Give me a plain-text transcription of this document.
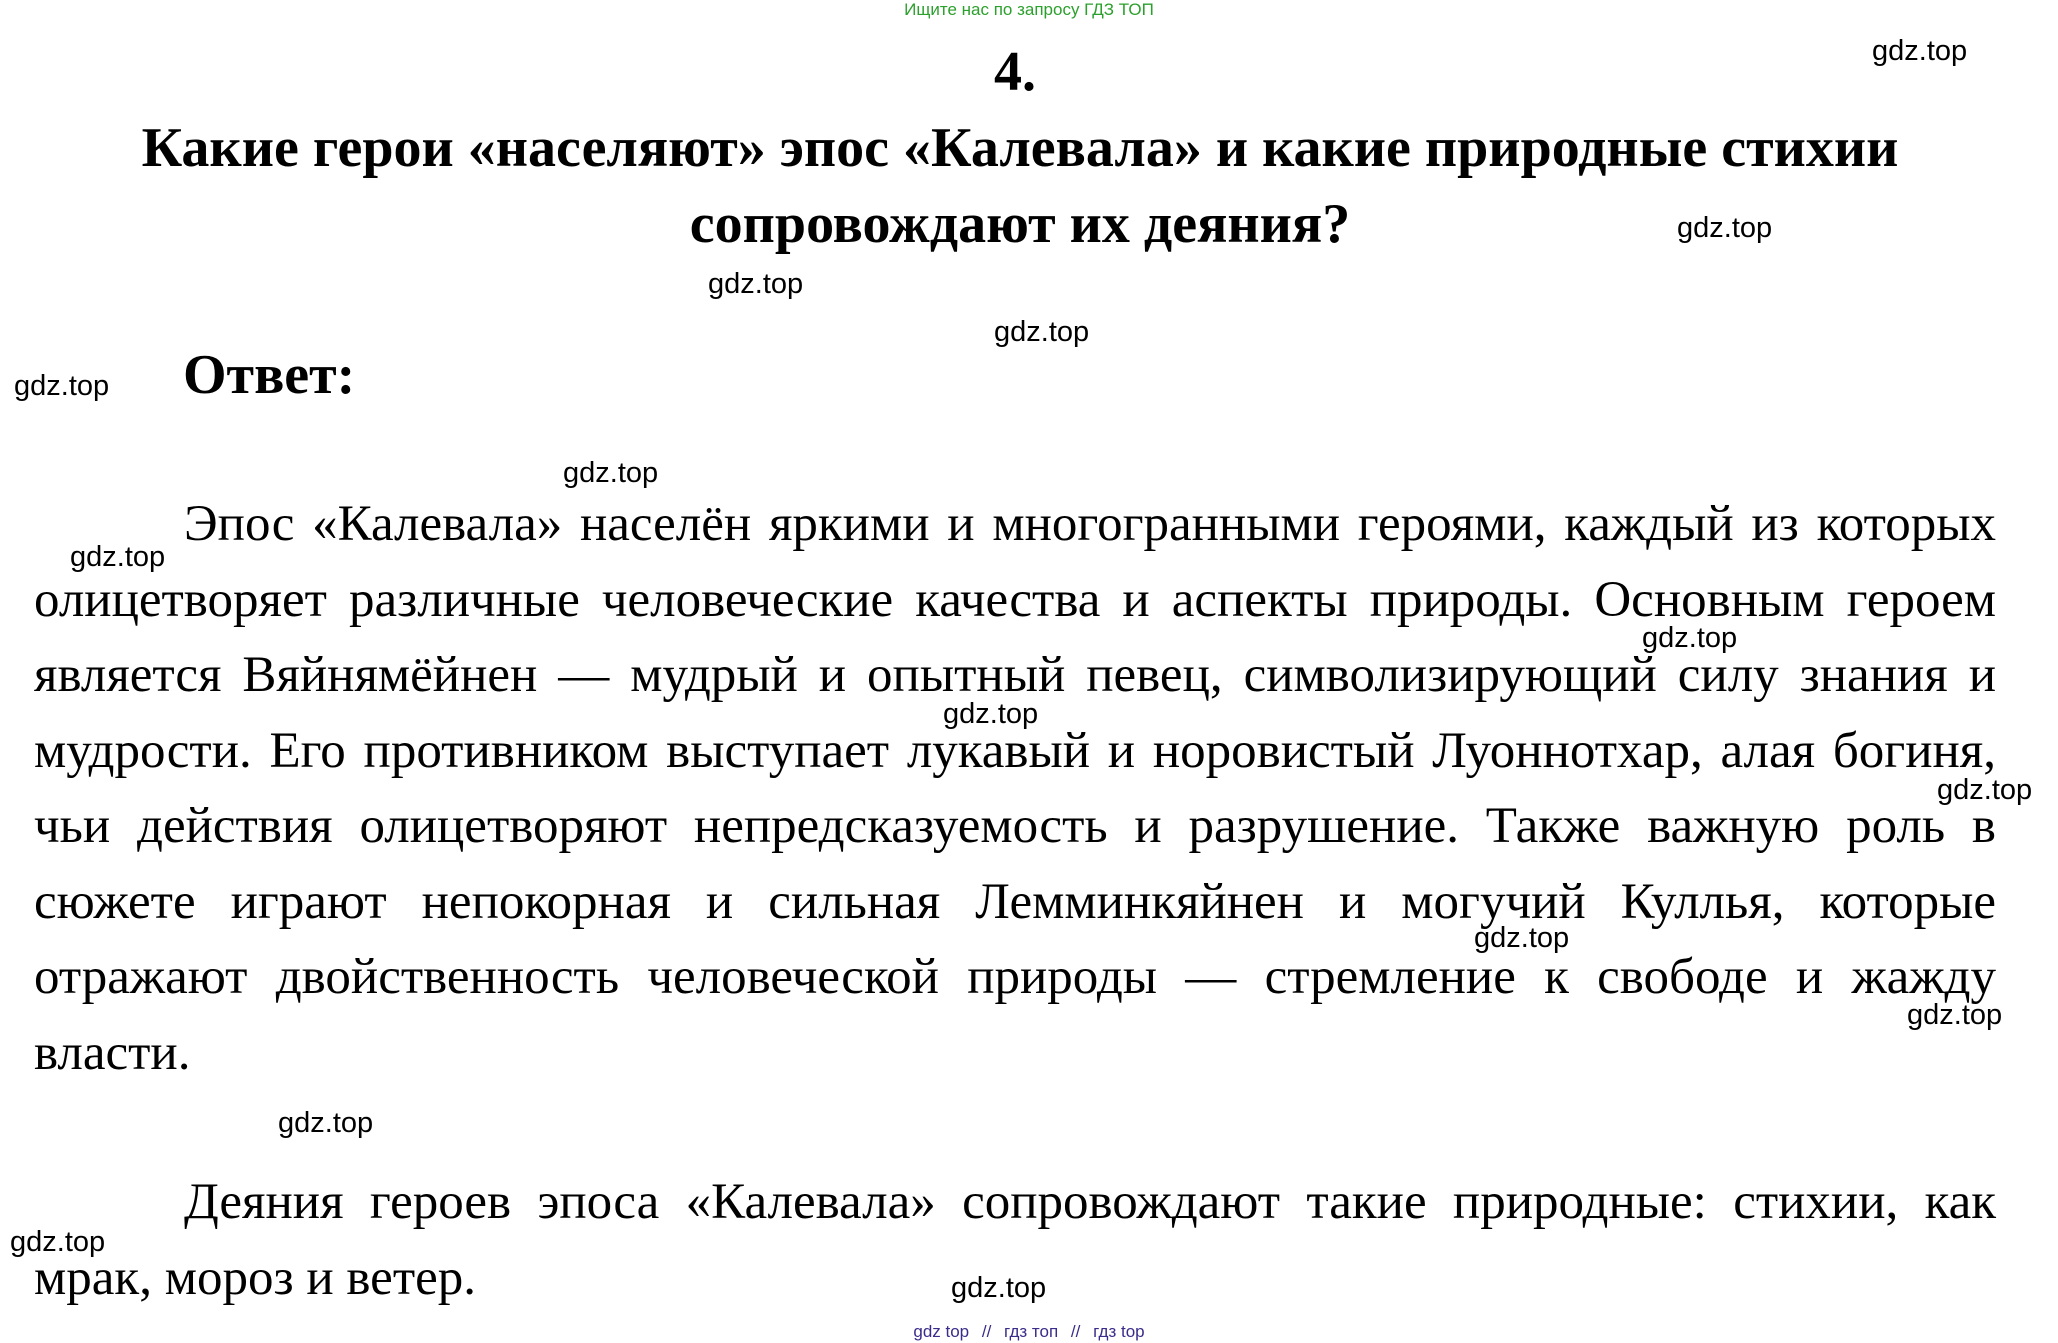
Ищите нас по запросу ГДЗ ТОП
4.
Какие герои «населяют» эпос «Калевала» и какие природные стихии сопровождают их деяния?
Ответ:

Эпос «Калевала» населён яркими и многогранными героями, каждый из которых олицетворяет различные человеческие качества и аспекты природы. Основным героем является Вяйнямёйнен — мудрый и опытный певец, символизирующий силу знания и мудрости. Его противником выступает лукавый и норовистый Луоннотхар, алая богиня, чьи действия олицетворяют непредсказуемость и разрушение. Также важную роль в сюжете играют непокорная и сильная Лемминкяйнен и могучий Куллья, которые отражают двойственность человеческой природы — стремление к свободе и жажду власти.

Деяния героев эпоса «Калевала» сопровождают такие природные: стихии, как мрак, мороз и ветер.

gdz.top
gdz.top
gdz.top
gdz.top
gdz.top
gdz.top
gdz.top
gdz.top
gdz.top
gdz.top
gdz.top
gdz.top
gdz.top
gdz.top
gdz.top
gdz top // гдз топ // гдз top
